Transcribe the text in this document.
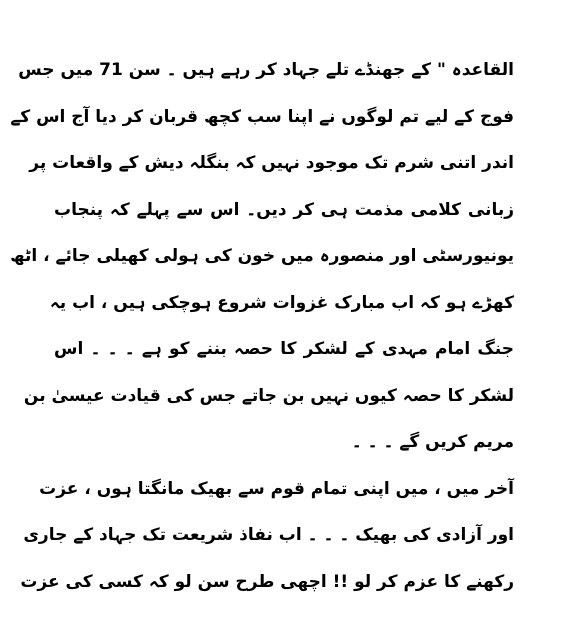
القاعدہ " کے جھنڈے تلے جہاد کر رہے ہیں ۔ سن 71 میں جس
فوج کے لیے تم لوگوں نے اپنا سب کچھ قربان کر دیا آج اس کے
اندر اتنی شرم تک موجود نہیں کہ بنگلہ دیش کے واقعات پر
زبانی کلامی مذمت ہی کر دیں۔ اس سے پہلے کہ پنجاب
یونیورسٹی اور منصورہ میں خون کی ہولی کھیلی جائے ، اٹھ
کھڑے ہو کہ اب مبارک غزوات شروع ہوچکی ہیں ، اب یہ
جنگ امام مہدی کے لشکر کا حصہ بننے کو ہے ۔ ۔ ۔ اس
لشکر کا حصہ کیوں نہیں بن جاتے جس کی قیادت عیسیٰ بن
مریم کریں گے ۔ ۔ ۔
آخر میں ، میں اپنی تمام قوم سے بھیک مانگتا ہوں ، عزت
اور آزادی کی بھیک ۔ ۔ ۔ اب نفاذ شریعت تک جہاد کے جاری
رکھنے کا عزم کر لو !! اچھی طرح سن لو کہ کسی کی عزت
